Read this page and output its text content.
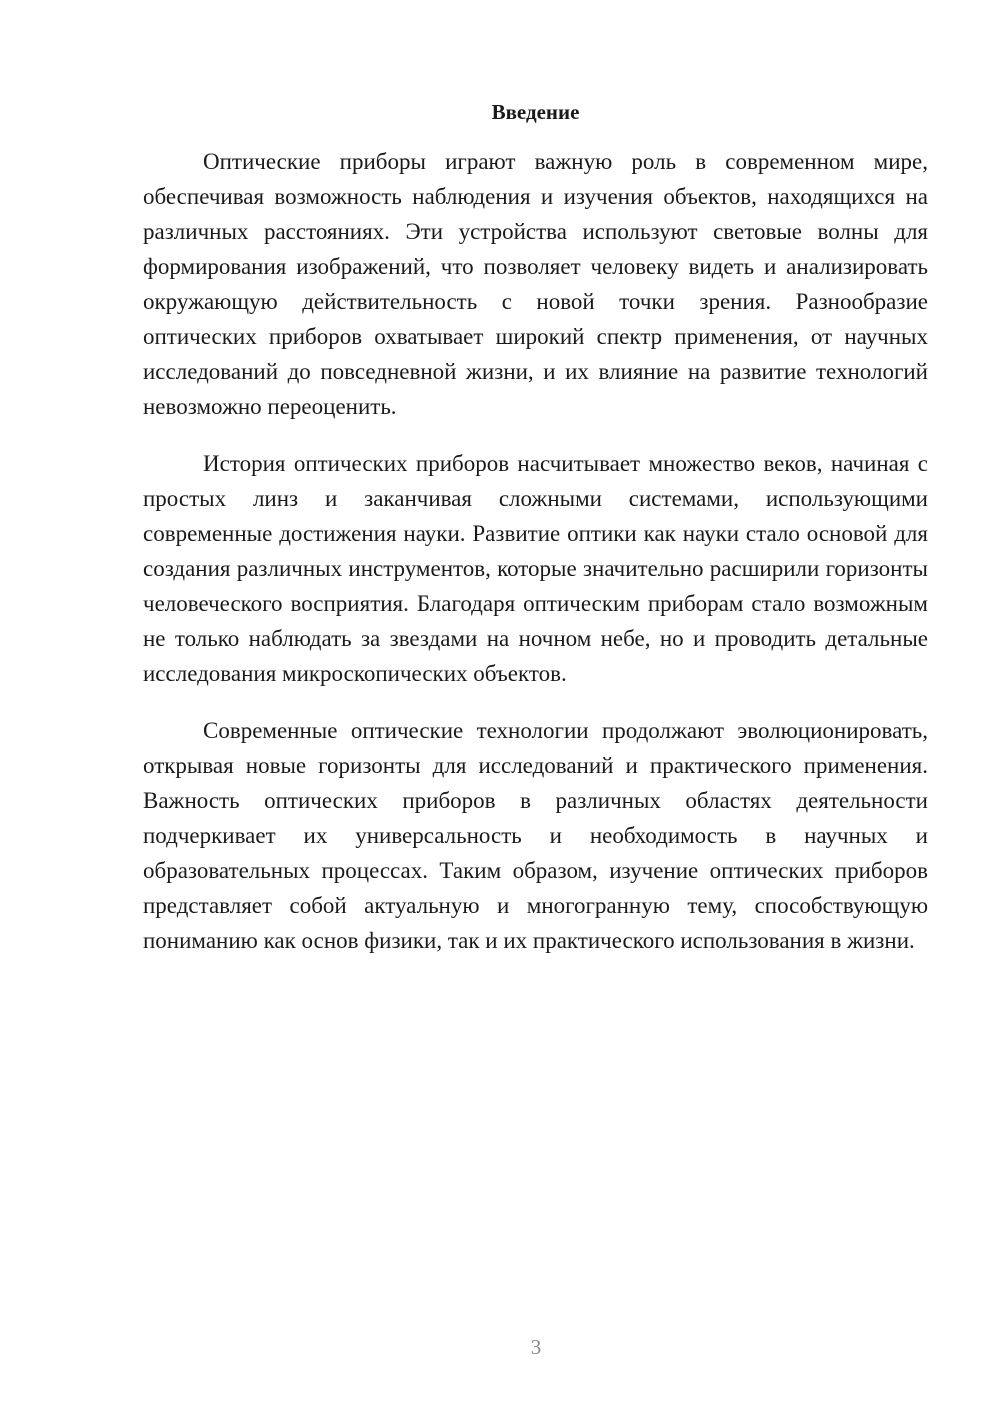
Введение

Оптические приборы играют важную роль в современном мире, обеспечивая возможность наблюдения и изучения объектов, находящихся на различных расстояниях. Эти устройства используют световые волны для формирования изображений, что позволяет человеку видеть и анализировать окружающую действительность с новой точки зрения. Разнообразие оптических приборов охватывает широкий спектр применения, от научных исследований до повседневной жизни, и их влияние на развитие технологий невозможно переоценить.

История оптических приборов насчитывает множество веков, начиная с простых линз и заканчивая сложными системами, использующими современные достижения науки. Развитие оптики как науки стало основой для создания различных инструментов, которые значительно расширили горизонты человеческого восприятия. Благодаря оптическим приборам стало возможным не только наблюдать за звездами на ночном небе, но и проводить детальные исследования микроскопических объектов.

Современные оптические технологии продолжают эволюционировать, открывая новые горизонты для исследований и практического применения. Важность оптических приборов в различных областях деятельности подчеркивает их универсальность и необходимость в научных и образовательных процессах. Таким образом, изучение оптических приборов представляет собой актуальную и многогранную тему, способствующую пониманию как основ физики, так и их практического использования в жизни.

3
